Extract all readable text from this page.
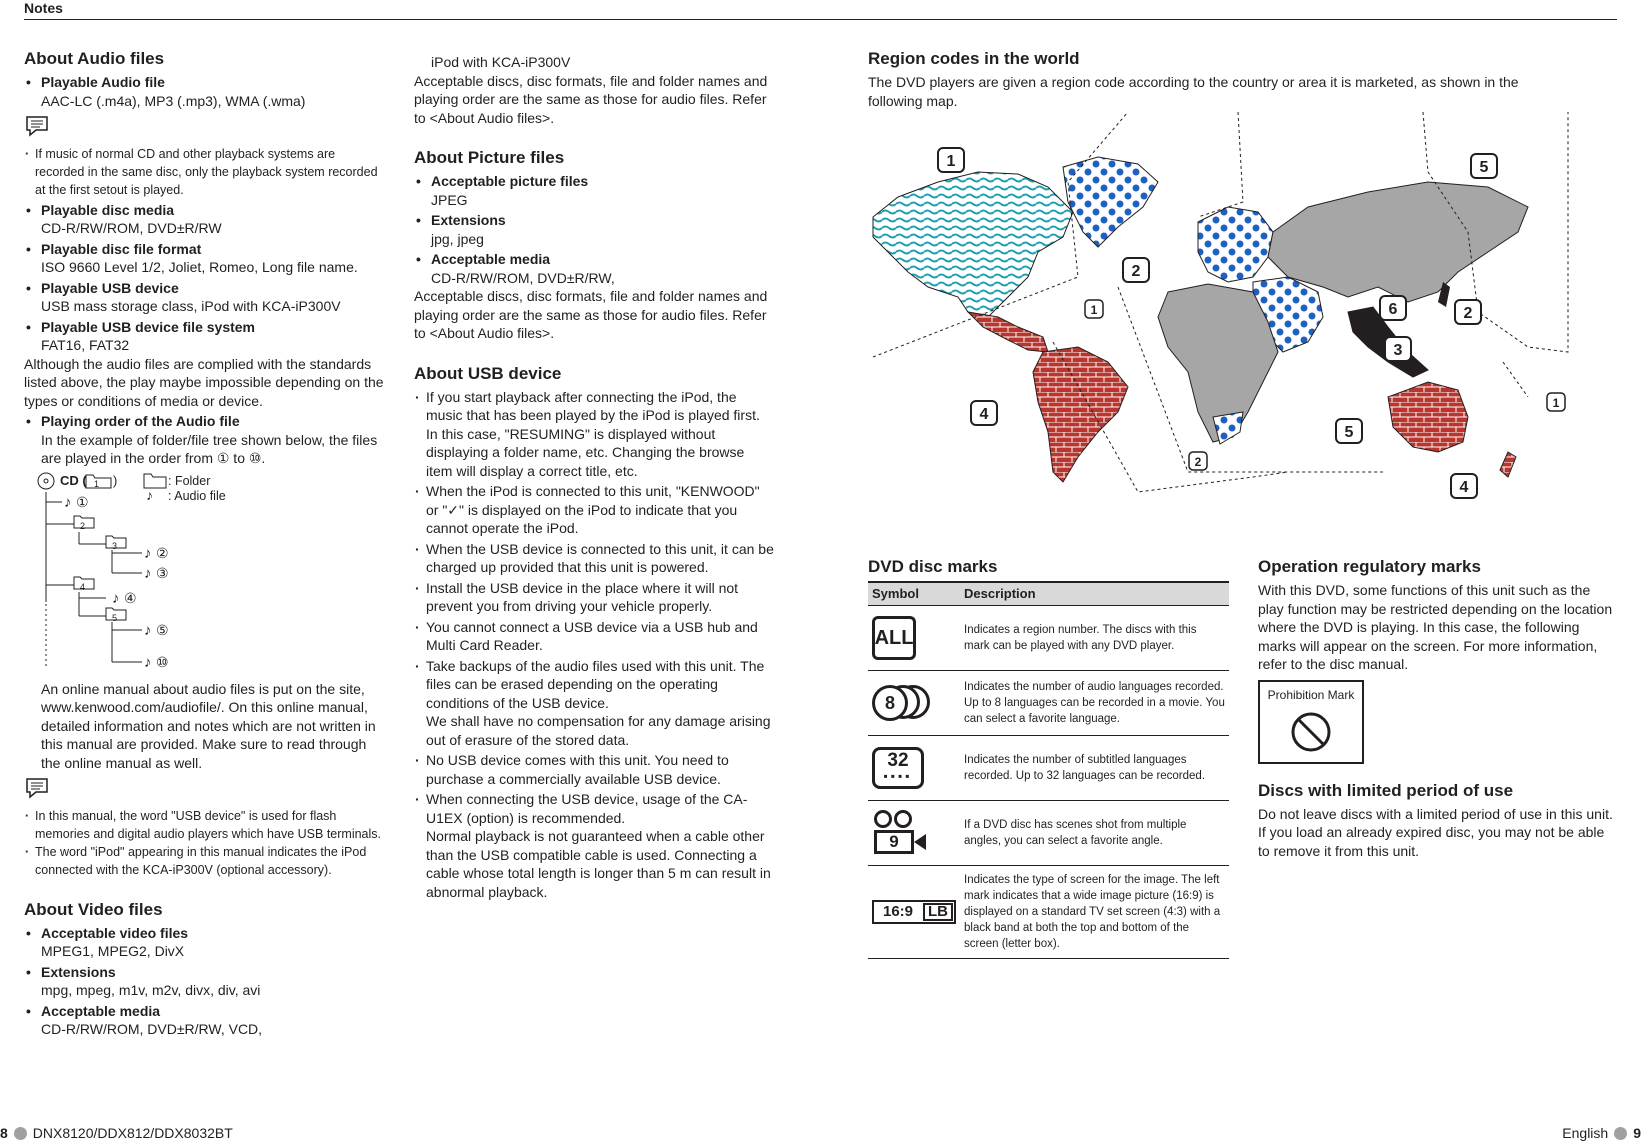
Notes
About Audio files
• Playable Audio file

AAC-LC (.m4a), MP3 (.mp3), WMA (.wma)

· If music of normal CD and other playback systems are recorded in the same disc, only the playback system recorded at the first setout is played.

• Playable disc media

CD-R/RW/ROM, DVD±R/RW

• Playable disc file format

ISO 9660 Level 1/2, Joliet, Romeo, Long file name.

• Playable USB device

USB mass storage class, iPod with KCA-iP300V

• Playable USB device file system

FAT16, FAT32

Although the audio files are complied with the standards listed above, the play maybe impossible depending on the types or conditions of media or device.

• Playing order of the Audio file

In the example of folder/file tree shown below, the files are played in the order from ① to ⑩.

♪
♪
♪
♪
♪
♪
♪
CD ( 1 )	: Folder
: Audio file
①
2
3	②
③
4
④
5
⑤
⑩

An online manual about audio files is put on the site, www.kenwood.com/audiofile/. On this online manual, detailed information and notes which are not written in this manual are provided. Make sure to read through the online manual as well.

· In this manual, the word "USB device" is used for flash memories and digital audio players which have USB terminals.

· The word "iPod" appearing in this manual indicates the iPod connected with the KCA-iP300V (optional accessory).

About Video files
• Acceptable video files

MPEG1, MPEG2, DivX

• Extensions

mpg, mpeg, m1v, m2v, divx, div, avi

• Acceptable media

CD-R/RW/ROM, DVD±R/RW, VCD,

iPod with KCA-iP300V

Acceptable discs, disc formats, file and folder names and playing order are the same as those for audio files. Refer to <About Audio files>.

About Picture files
• Acceptable picture files

JPEG

• Extensions

jpg, jpeg

• Acceptable media

CD-R/RW/ROM, DVD±R/RW,

Acceptable discs, disc formats, file and folder names and playing order are the same as those for audio files. Refer to <About Audio files>.

About USB device

· If you start playback after connecting the iPod, the music that has been played by the iPod is played first.

In this case, "RESUMING" is displayed without displaying a folder name, etc. Changing the browse item will display a correct title, etc.

· When the iPod is connected to this unit, "KENWOOD" or "✓" is displayed on the iPod to indicate that you cannot operate the iPod.
· When the USB device is connected to this unit, it can be charged up provided that this unit is powered.
· Install the USB device in the place where it will not prevent you from driving your vehicle properly.
· You cannot connect a USB device via a USB hub and Multi Card Reader.

· Take backups of the audio files used with this unit. The files can be erased depending on the operating conditions of the USB device.

We shall have no compensation for any damage arising out of erasure of the stored data.

· No USB device comes with this unit. You need to purchase a commercially available USB device.

· When connecting the USB device, usage of the CA-U1EX (option) is recommended.

Normal playback is not guaranteed when a cable other than the USB compatible cable is used. Connecting a cable whose total length is longer than 5 m can result in abnormal playback.

Region codes in the world

The DVD players are given a region code according to the country or area it is marketed, as shown in the following map.

1
2
1
4
2
6	2
3
5
5
1
4
DVD disc marks
Symbol	Description

ALL	Indicates a region number. The discs with this mark can be played with any DVD player.

8	Indicates the number of audio languages recorded. Up to 8 languages can be recorded in a movie. You can select a favorite language.

32
▪▪▪▪	Indicates the number of subtitled languages recorded. Up to 32 languages can be recorded.

9	If a DVD disc has scenes shot from multiple angles, you can select a favorite angle.

16:9 LB	Indicates the type of screen for the image. The left mark indicates that a wide image picture (16:9) is displayed on a standard TV set screen (4:3) with a black band at both the top and bottom of the screen (letter box).
Operation regulatory marks

With this DVD, some functions of this unit such as the play function may be restricted depending on the location where the DVD is playing. In this case, the following marks will appear on the screen. For more information, refer to the disc manual.

Prohibition Mark
Discs with limited period of use

Do not leave discs with a limited period of use in this unit. If you load an already expired disc, you may not be able to remove it from this unit.

8 DNX8120/DDX812/DDX8032BT	English 9
